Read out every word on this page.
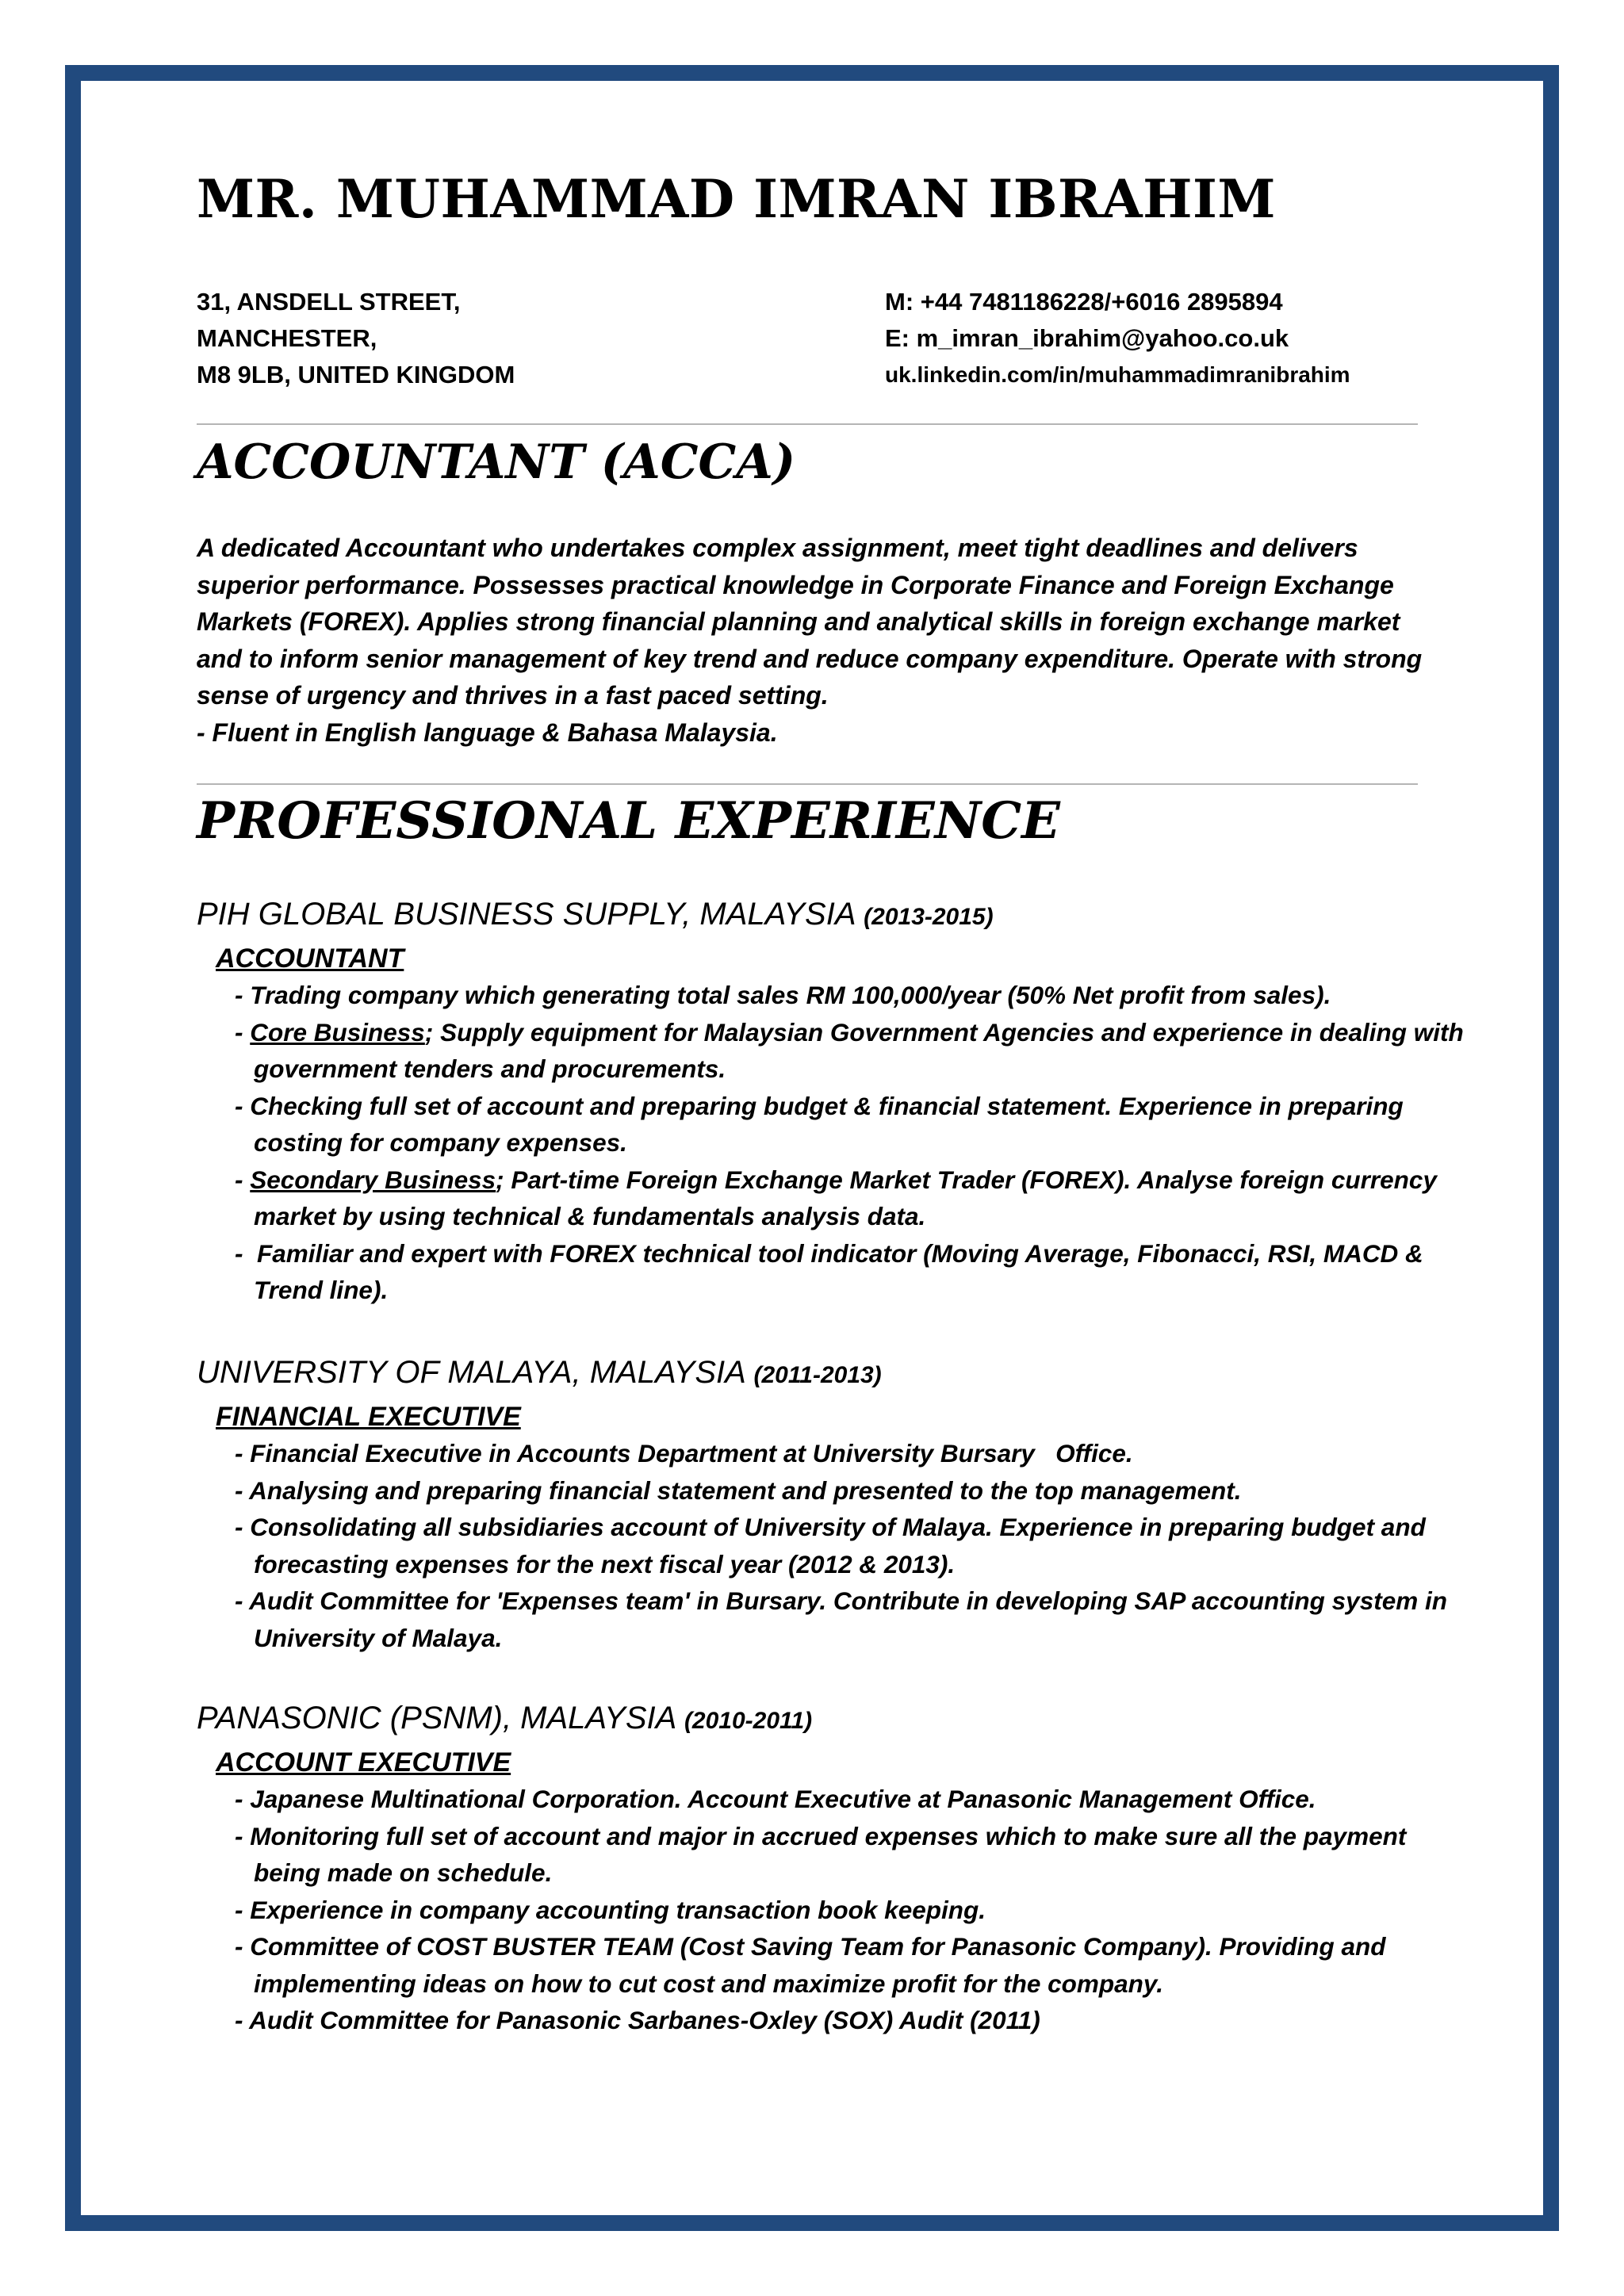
MR. MUHAMMAD IMRAN IBRAHIM
31, ANSDELL STREET,
MANCHESTER,
M8 9LB, UNITED KINGDOM
M: +44 7481186228/+6016 2895894
E: m_imran_ibrahim@yahoo.co.uk
uk.linkedin.com/in/muhammadimranibrahim
ACCOUNTANT (ACCA)

A dedicated Accountant who undertakes complex assignment, meet tight deadlines and delivers superior performance. Possesses practical knowledge in Corporate Finance and Foreign Exchange Markets (FOREX). Applies strong financial planning and analytical skills in foreign exchange market and to inform senior management of key trend and reduce company expenditure. Operate with strong sense of urgency and thrives in a fast paced setting.

- Fluent in English language & Bahasa Malaysia.

PROFESSIONAL EXPERIENCE
PIH GLOBAL BUSINESS SUPPLY, MALAYSIA (2013-2015)
ACCOUNTANT
- Trading company which generating total sales RM 100,000/year (50% Net profit from sales).
- Core Business; Supply equipment for Malaysian Government Agencies and experience in dealing with government tenders and procurements.
- Checking full set of account and preparing budget & financial statement. Experience in preparing costing for company expenses.
- Secondary Business; Part-time Foreign Exchange Market Trader (FOREX). Analyse foreign currency market by using technical & fundamentals analysis data.
-  Familiar and expert with FOREX technical tool indicator (Moving Average, Fibonacci, RSI, MACD & Trend line).
UNIVERSITY OF MALAYA, MALAYSIA (2011-2013)
FINANCIAL EXECUTIVE
- Financial Executive in Accounts Department at University Bursary   Office.
- Analysing and preparing financial statement and presented to the top management.
- Consolidating all subsidiaries account of University of Malaya. Experience in preparing budget and forecasting expenses for the next fiscal year (2012 & 2013).
- Audit Committee for 'Expenses team' in Bursary. Contribute in developing SAP accounting system in University of Malaya.
PANASONIC (PSNM), MALAYSIA (2010-2011)
ACCOUNT EXECUTIVE
- Japanese Multinational Corporation. Account Executive at Panasonic Management Office.
- Monitoring full set of account and major in accrued expenses which to make sure all the payment being made on schedule.
- Experience in company accounting transaction book keeping.
- Committee of COST BUSTER TEAM (Cost Saving Team for Panasonic Company). Providing and implementing ideas on how to cut cost and maximize profit for the company.
- Audit Committee for Panasonic Sarbanes-Oxley (SOX) Audit (2011)
